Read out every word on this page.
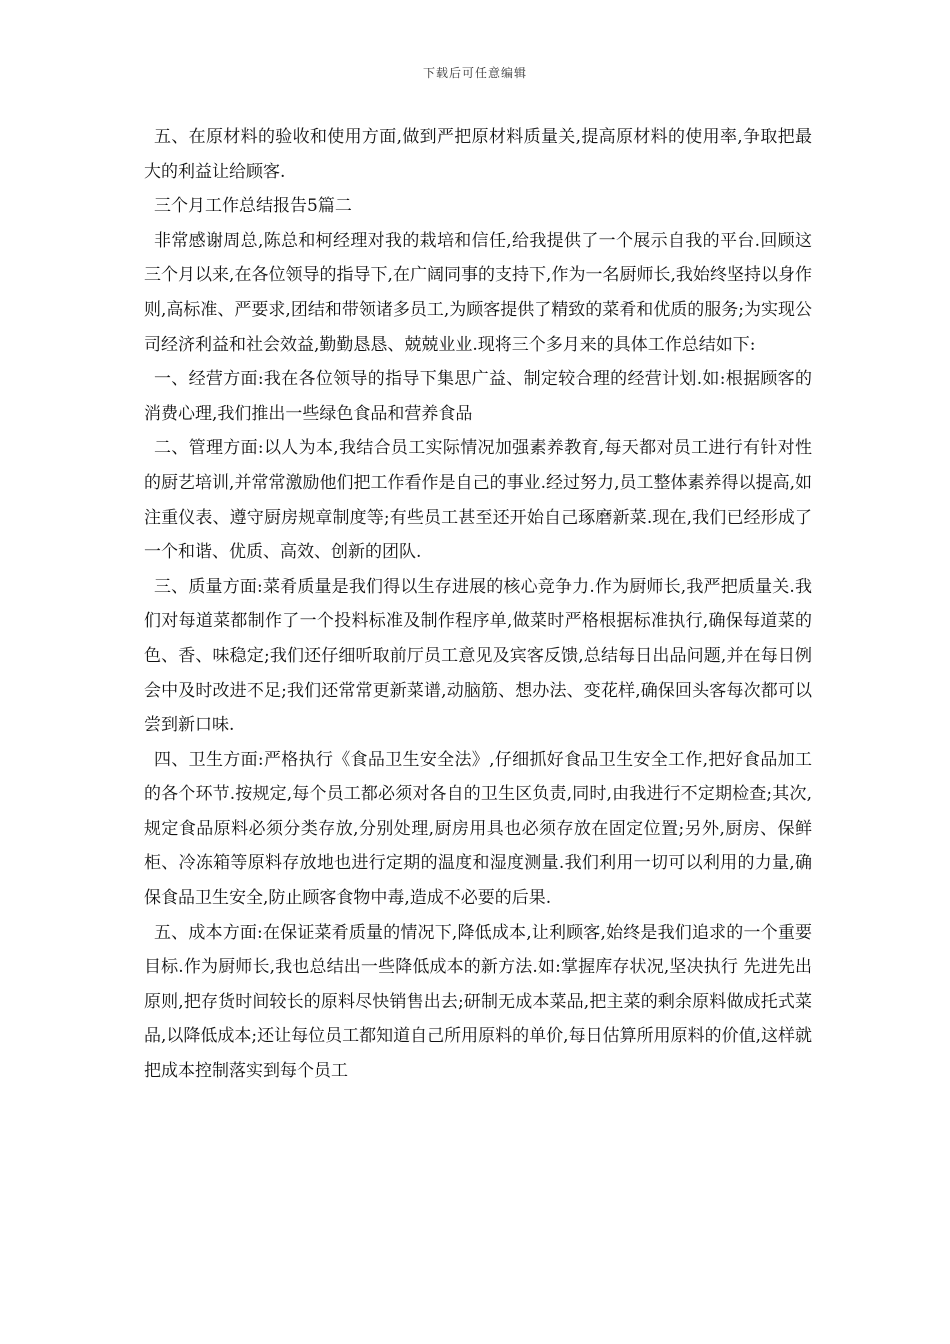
下载后可任意编辑

五、在原材料的验收和使用方面,做到严把原材料质量关,提高原材料的使用率,争取把最大的利益让给顾客.

三个月工作总结报告5篇二

非常感谢周总,陈总和柯经理对我的栽培和信任,给我提供了一个展示自我的平台.回顾这三个月以来,在各位领导的指导下,在广阔同事的支持下,作为一名厨师长,我始终坚持以身作则,高标准、严要求,团结和带领诸多员工,为顾客提供了精致的菜肴和优质的服务;为实现公司经济利益和社会效益,勤勤恳恳、兢兢业业.现将三个多月来的具体工作总结如下:

一、经营方面:我在各位领导的指导下集思广益、制定较合理的经营计划.如:根据顾客的消费心理,我们推出一些绿色食品和营养食品

二、管理方面:以人为本,我结合员工实际情况加强素养教育,每天都对员工进行有针对性的厨艺培训,并常常激励他们把工作看作是自己的事业.经过努力,员工整体素养得以提高,如注重仪表、遵守厨房规章制度等;有些员工甚至还开始自己琢磨新菜.现在,我们已经形成了一个和谐、优质、高效、创新的团队.

三、质量方面:菜肴质量是我们得以生存进展的核心竞争力.作为厨师长,我严把质量关.我们对每道菜都制作了一个投料标准及制作程序单,做菜时严格根据标准执行,确保每道菜的色、香、味稳定;我们还仔细听取前厅员工意见及宾客反馈,总结每日出品问题,并在每日例会中及时改进不足;我们还常常更新菜谱,动脑筋、想办法、变花样,确保回头客每次都可以尝到新口味.

四、卫生方面:严格执行《食品卫生安全法》,仔细抓好食品卫生安全工作,把好食品加工的各个环节.按规定,每个员工都必须对各自的卫生区负责,同时,由我进行不定期检查;其次,规定食品原料必须分类存放,分别处理,厨房用具也必须存放在固定位置;另外,厨房、保鲜柜、冷冻箱等原料存放地也进行定期的温度和湿度测量.我们利用一切可以利用的力量,确保食品卫生安全,防止顾客食物中毒,造成不必要的后果.

五、成本方面:在保证菜肴质量的情况下,降低成本,让利顾客,始终是我们追求的一个重要目标.作为厨师长,我也总结出一些降低成本的新方法.如:掌握库存状况,坚决执行 先进先出 原则,把存货时间较长的原料尽快销售出去;研制无成本菜品,把主菜的剩余原料做成托式菜品,以降低成本;还让每位员工都知道自己所用原料的单价,每日估算所用原料的价值,这样就把成本控制落实到每个员工
